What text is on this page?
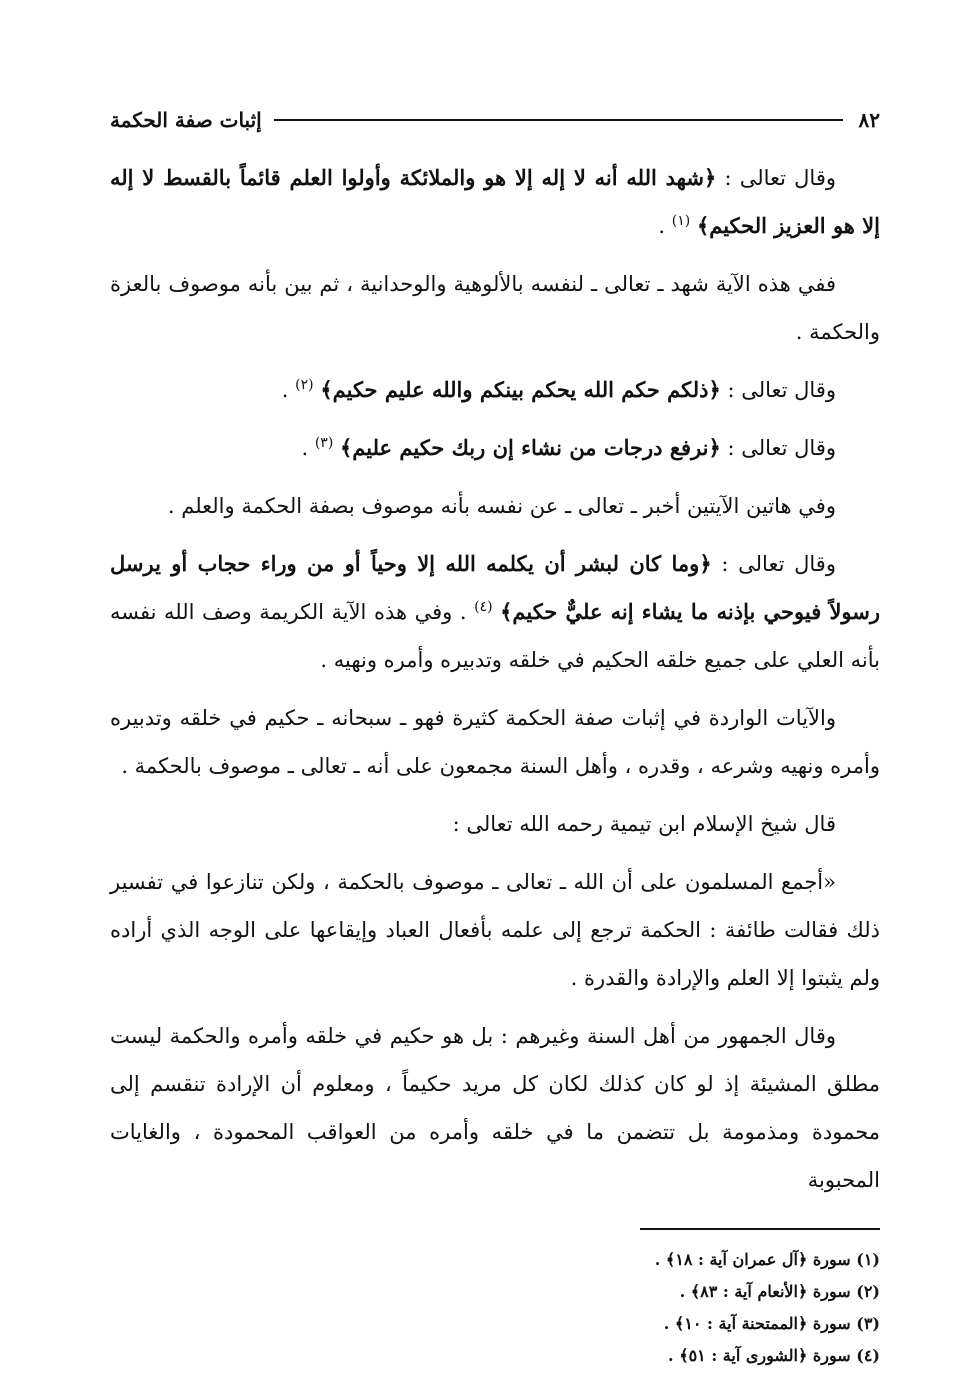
٨٢
إثبات صفة الحكمة

وقال تعالى : ﴿شهد الله أنه لا إله إلا هو والملائكة وأولوا العلم قائماً بالقسط لا إله إلا هو العزيز الحكيم﴾ $^{(١)}$ .

ففي هذه الآية شهد ـ تعالى ـ لنفسه بالألوهية والوحدانية ، ثم بين بأنه موصوف بالعزة والحكمة .

وقال تعالى : ﴿ذلكم حكم الله يحكم بينكم والله عليم حكيم﴾ $^{(٢)}$ .

وقال تعالى : ﴿نرفع درجات من نشاء إن ربك حكيم عليم﴾ $^{(٣)}$ .

وفي هاتين الآيتين أخبر ـ تعالى ـ عن نفسه بأنه موصوف بصفة الحكمة والعلم .

وقال تعالى : ﴿وما كان لبشر أن يكلمه الله إلا وحياً أو من وراء حجاب أو يرسل رسولاً فيوحي بإذنه ما يشاء إنه عليٌّ حكيم﴾ $^{(٤)}$ . وفي هذه الآية الكريمة وصف الله نفسه بأنه العلي على جميع خلقه الحكيم في خلقه وتدبيره وأمره ونهيه .

والآيات الواردة في إثبات صفة الحكمة كثيرة فهو ـ سبحانه ـ حكيم في خلقه وتدبيره وأمره ونهيه وشرعه ، وقدره ، وأهل السنة مجمعون على أنه ـ تعالى ـ موصوف بالحكمة .

قال شيخ الإسلام ابن تيمية رحمه الله تعالى :

«أجمع المسلمون على أن الله ـ تعالى ـ موصوف بالحكمة ، ولكن تنازعوا في تفسير ذلك فقالت طائفة : الحكمة ترجع إلى علمه بأفعال العباد وإيقاعها على الوجه الذي أراده ولم يثبتوا إلا العلم والإرادة والقدرة .

وقال الجمهور من أهل السنة وغيرهم : بل هو حكيم في خلقه وأمره والحكمة ليست مطلق المشيئة إذ لو كان كذلك لكان كل مريد حكيماً ، ومعلوم أن الإرادة تنقسم إلى محمودة ومذمومة بل تتضمن ما في خلقه وأمره من العواقب المحمودة ، والغايات المحبوبة

(١) سورة ﴿آل عمران آية : ١٨﴾ .
(٢) سورة ﴿الأنعام آية : ٨٣﴾ .
(٣) سورة ﴿الممتحنة آية : ١٠﴾ .
(٤) سورة ﴿الشورى آية : ٥١﴾ .
